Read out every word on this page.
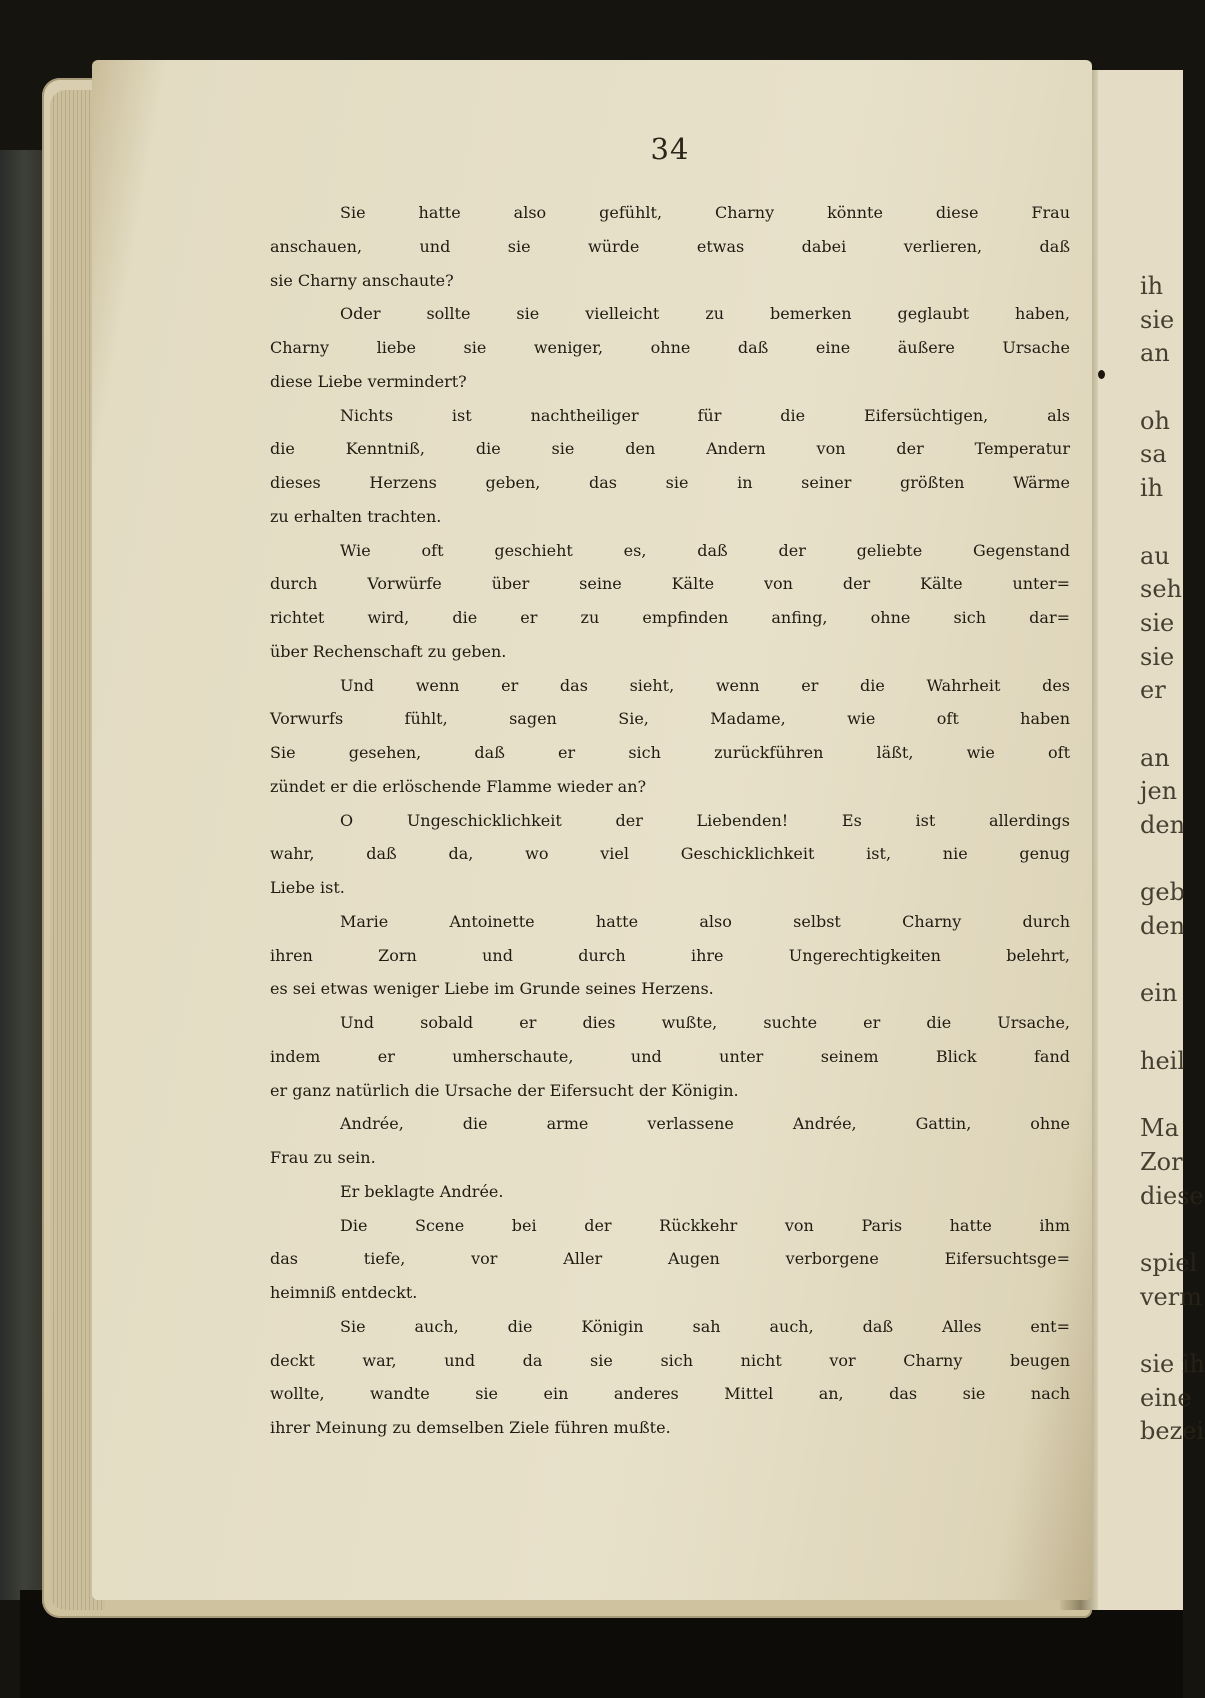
34
Sie hatte also gefühlt, Charny könnte diese Frau
anschauen, und sie würde etwas dabei verlieren, daß
sie Charny anschaute?
Oder sollte sie vielleicht zu bemerken geglaubt haben,
Charny liebe sie weniger, ohne daß eine äußere Ursache
diese Liebe vermindert?
Nichts ist nachtheiliger für die Eifersüchtigen, als
die Kenntniß, die sie den Andern von der Temperatur
dieses Herzens geben, das sie in seiner größten Wärme
zu erhalten trachten.
Wie oft geschieht es, daß der geliebte Gegenstand
durch Vorwürfe über seine Kälte von der Kälte unter=
richtet wird, die er zu empfinden anfing, ohne sich dar=
über Rechenschaft zu geben.
Und wenn er das sieht, wenn er die Wahrheit des
Vorwurfs fühlt, sagen Sie, Madame, wie oft haben
Sie gesehen, daß er sich zurückführen läßt, wie oft
zündet er die erlöschende Flamme wieder an?
O Ungeschicklichkeit der Liebenden! Es ist allerdings
wahr, daß da, wo viel Geschicklichkeit ist, nie genug
Liebe ist.
Marie Antoinette hatte also selbst Charny durch
ihren Zorn und durch ihre Ungerechtigkeiten belehrt,
es sei etwas weniger Liebe im Grunde seines Herzens.
Und sobald er dies wußte, suchte er die Ursache,
indem er umherschaute, und unter seinem Blick fand
er ganz natürlich die Ursache der Eifersucht der Königin.
Andrée, die arme verlassene Andrée, Gattin, ohne
Frau zu sein.
Er beklagte Andrée.
Die Scene bei der Rückkehr von Paris hatte ihm
das tiefe, vor Aller Augen verborgene Eifersuchtsge=
heimniß entdeckt.
Sie auch, die Königin sah auch, daß Alles ent=
deckt war, und da sie sich nicht vor Charny beugen
wollte, wandte sie ein anderes Mittel an, das sie nach
ihrer Meinung zu demselben Ziele führen mußte.
ih
sie
an
oh
sa
ih
au
seh
sie
sie
er
an
jen
den
geb
den
ein
heil
Ma
Zor
diese
spiel
verm
sie ih
eine
bezei
